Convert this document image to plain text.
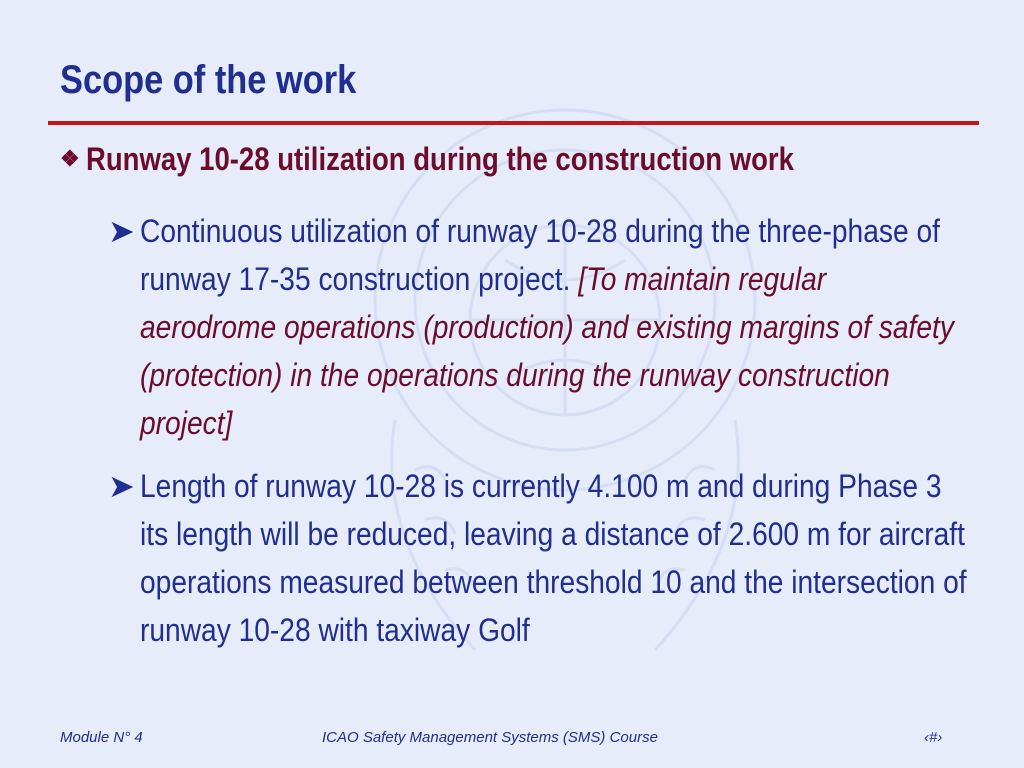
Scope of the work
❖ Runway 10-28 utilization during the construction work
➤ Continuous utilization of runway 10-28 during the three-phase of runway 17-35 construction project. [To maintain regular aerodrome operations (production) and existing margins of safety (protection) in the operations during the runway construction project]
➤ Length of runway 10-28 is currently 4.100 m and during Phase 3 its length will be reduced, leaving a distance of 2.600 m for aircraft operations measured between threshold 10 and the intersection of runway 10-28 with taxiway Golf
Module N° 4	ICAO Safety Management Systems (SMS) Course	‹#›
